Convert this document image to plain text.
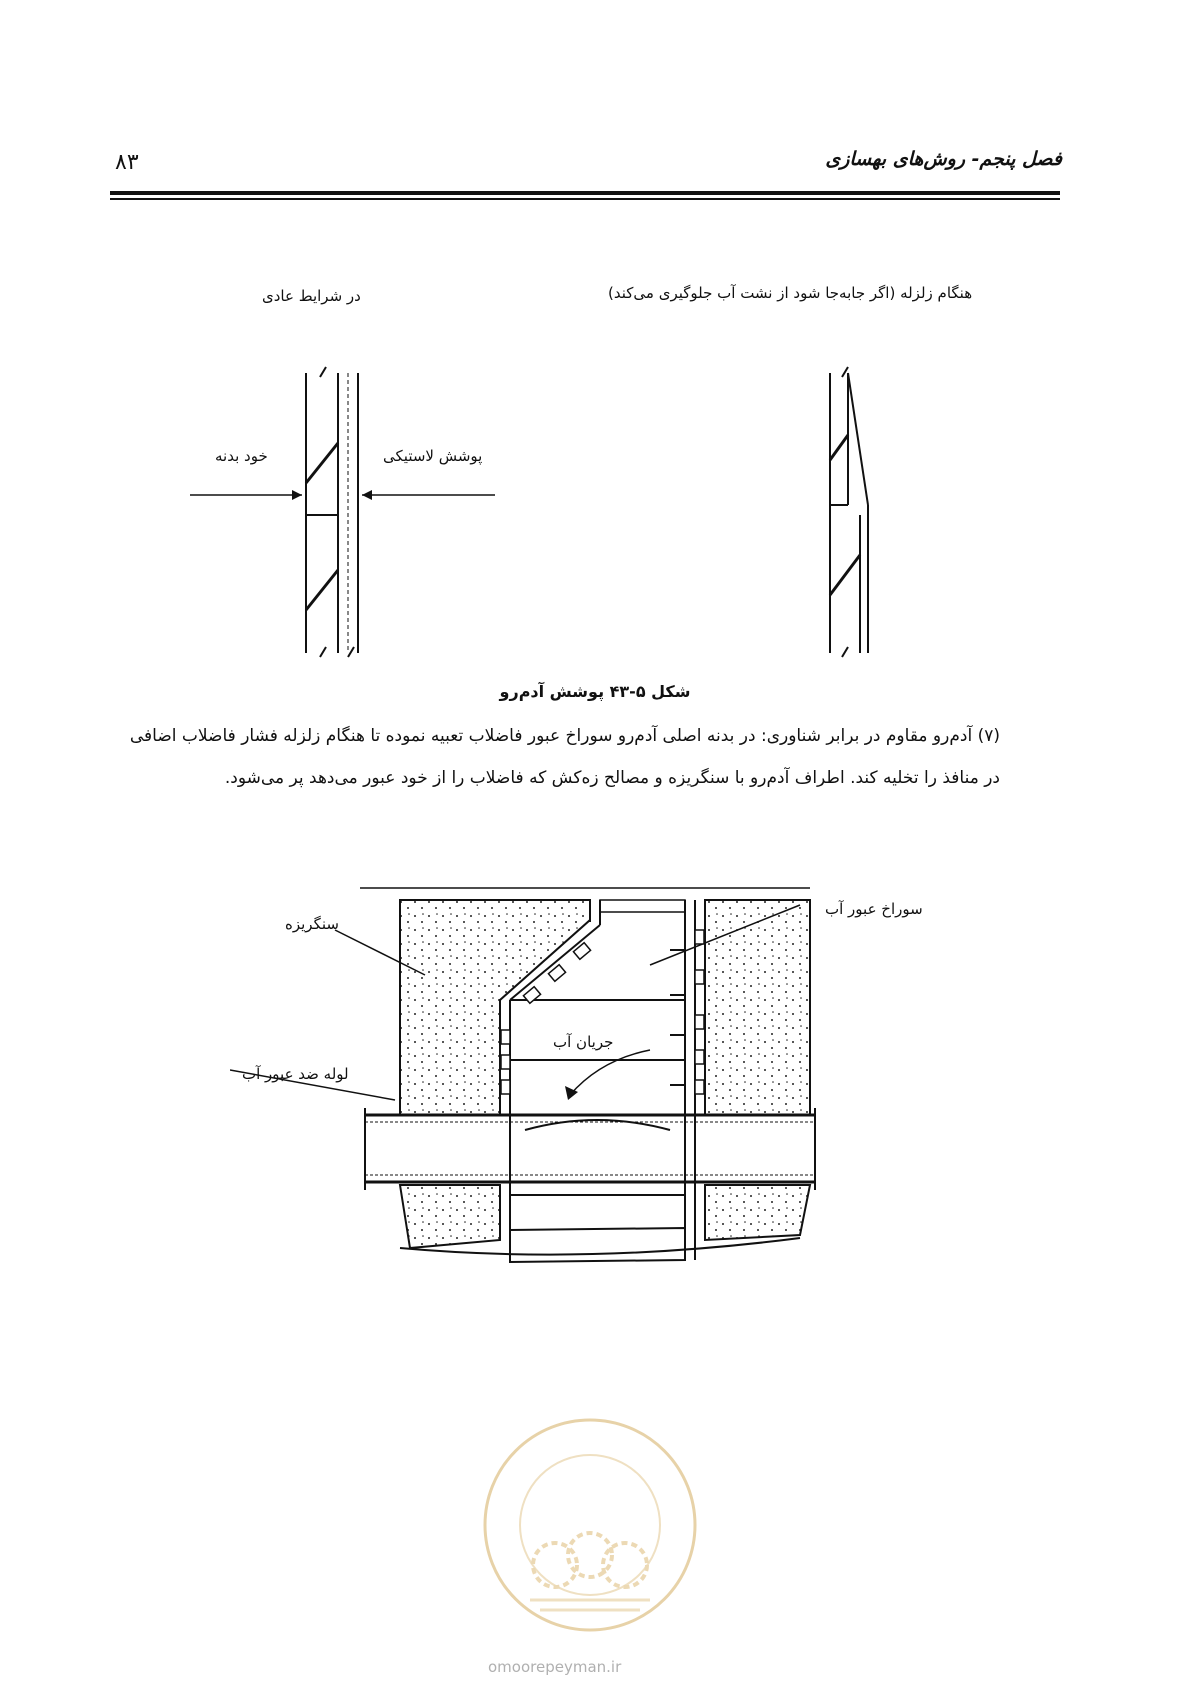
فصل پنجم- روش‌های بهسازی
۸۳
در شرایط عادی	هنگام زلزله (اگر جابه‌جا شود از نشت آب جلوگیری می‌کند)
خود بدنه	پوشش لاستیکی
شکل ۵-۴۳ پوشش آدم‌رو
(۷) آدم‌رو مقاوم در برابر شناوری: در بدنه اصلی آدم‌رو سوراخ عبور فاضلاب تعبیه نموده تا هنگام زلزله فشار فاضلاب اضافی
در منافذ را تخلیه کند. اطراف آدم‌رو با سنگریزه و مصالح زه‌کش که فاضلاب را از خود عبور می‌دهد پر می‌شود.
سنگریزه
سوراخ عبور آب
جریان آب
لوله ضد عبور آب
omoorepeyman.ir
